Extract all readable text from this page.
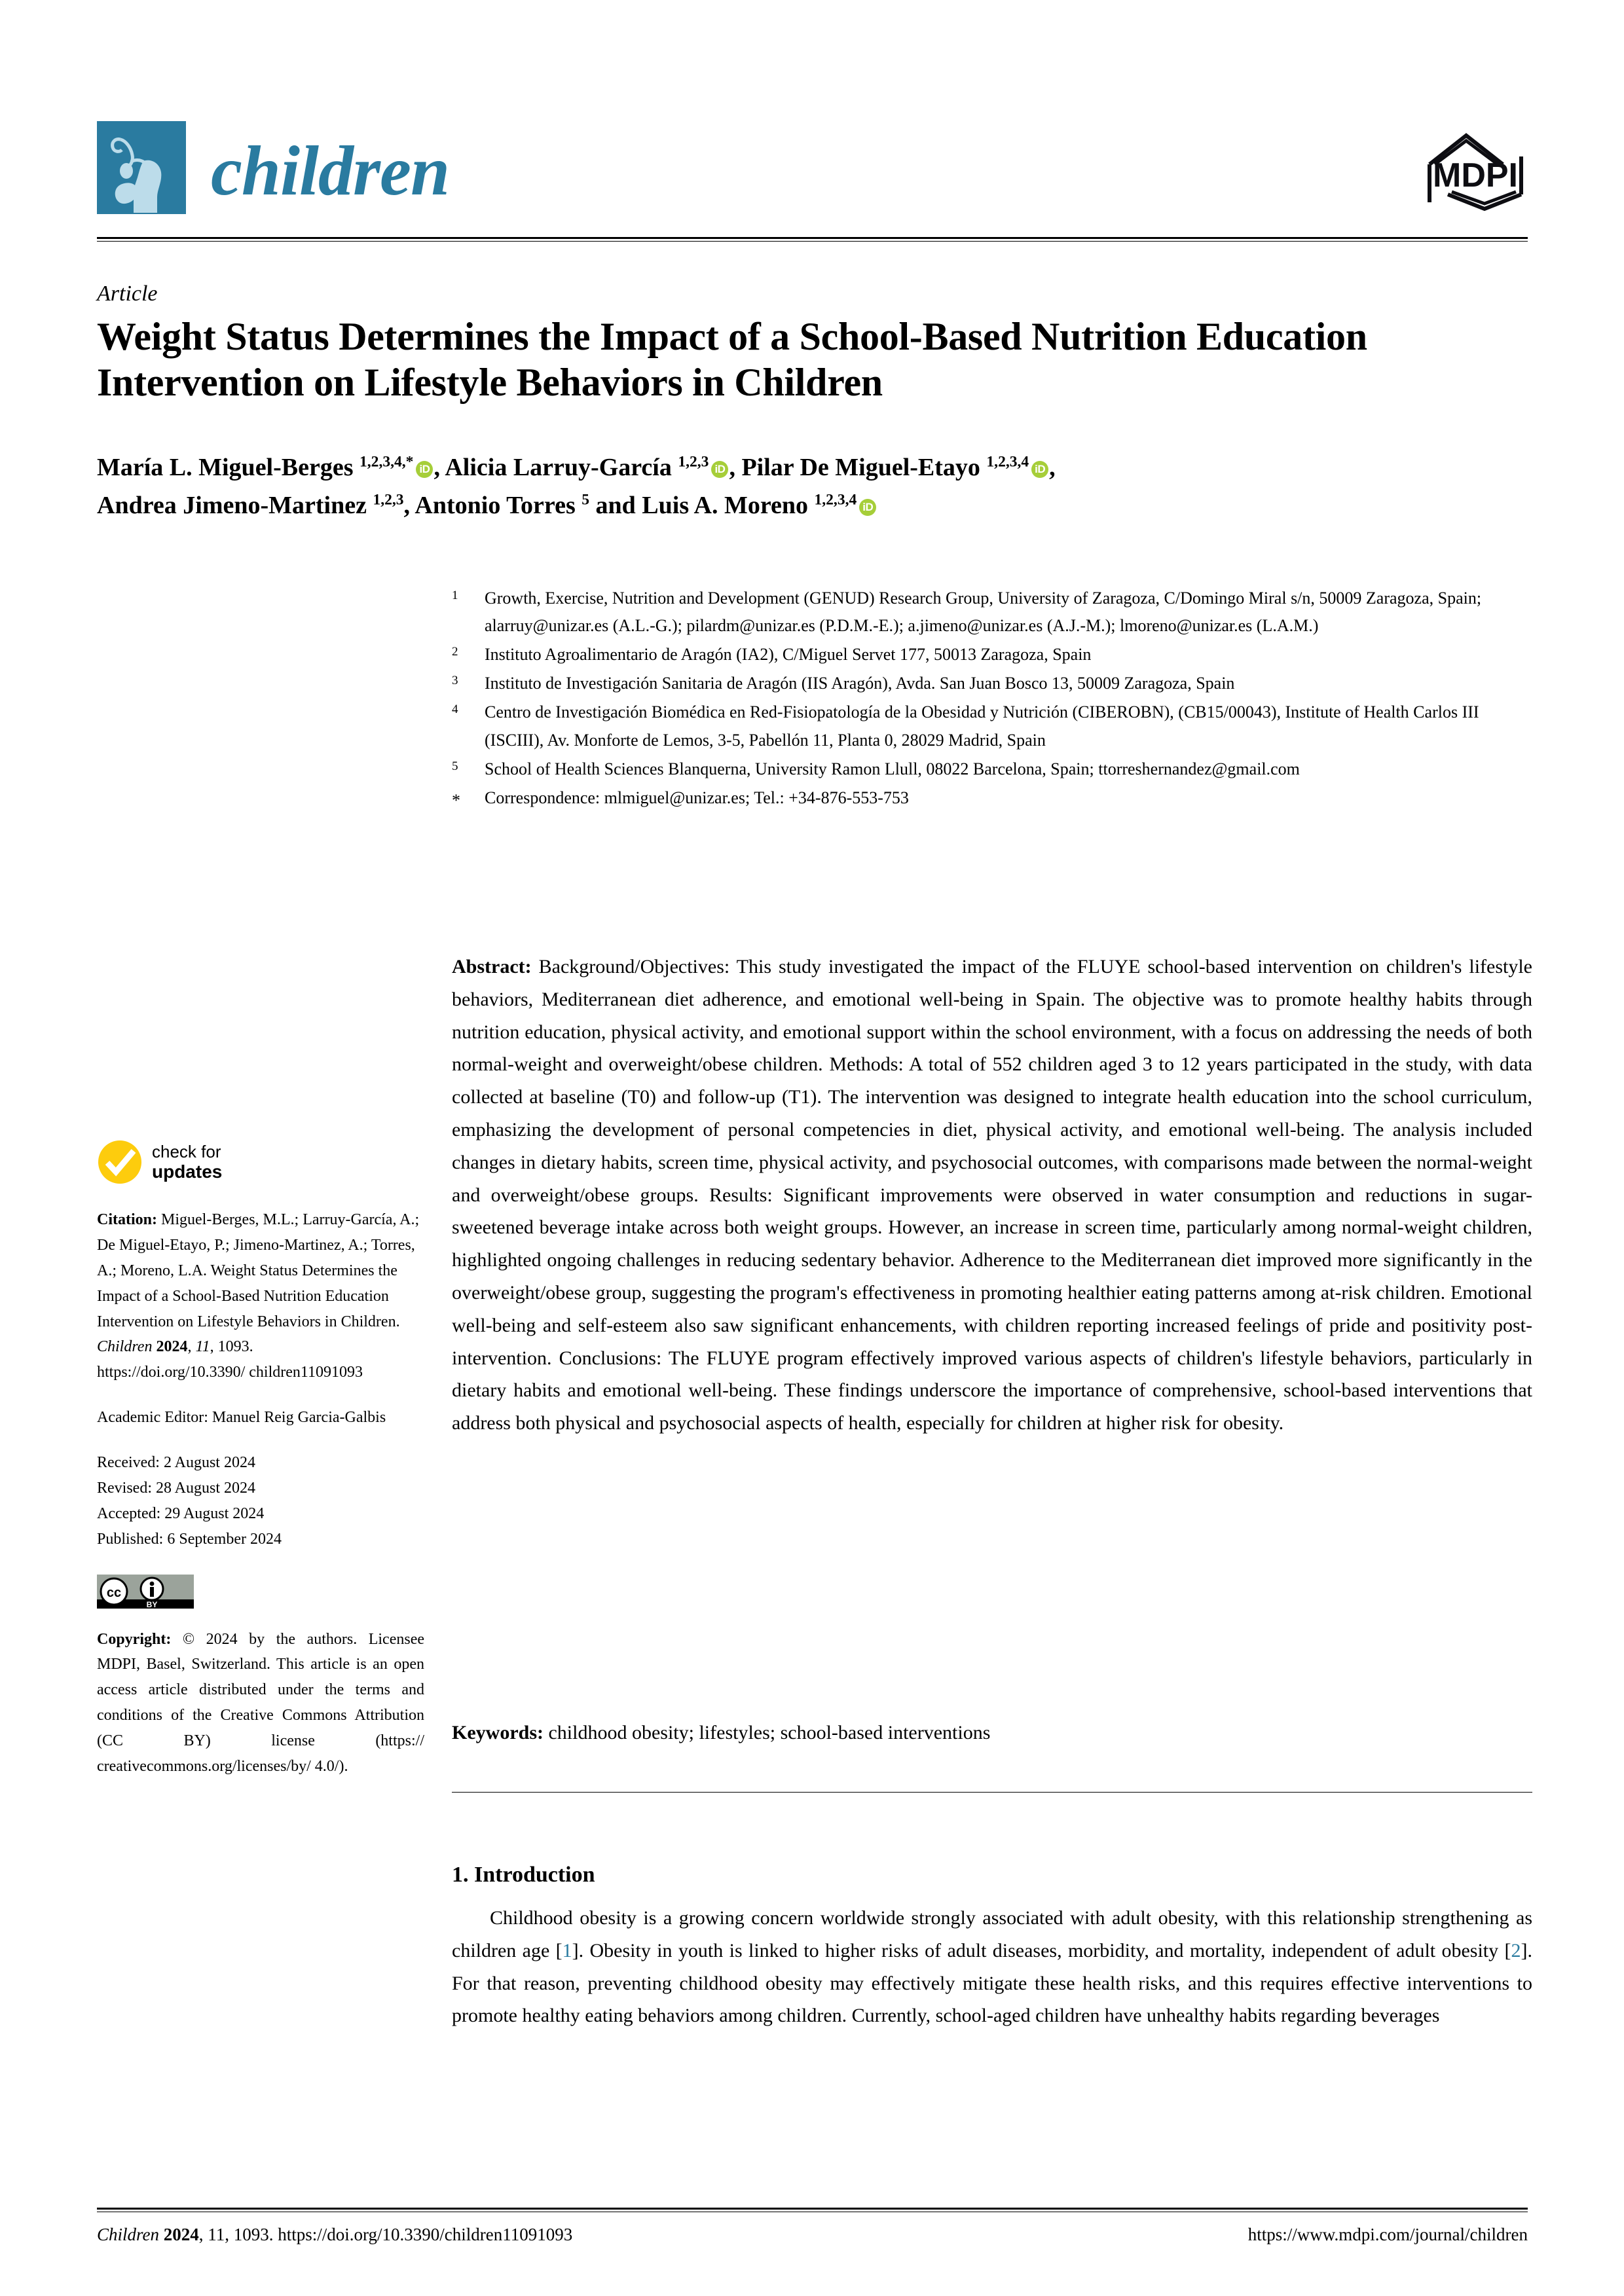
children	MDPI
Article
Weight Status Determines the Impact of a School-Based Nutrition Education Intervention on Lifestyle Behaviors in Children
María L. Miguel-Berges $^{1,2,3,4,*}$ iD , Alicia Larruy-García $^{1,2,3}$ iD , Pilar De Miguel-Etayo $^{1,2,3,4}$ iD ,
Andrea Jimeno-Martinez $^{1,2,3}$, Antonio Torres $^5$ and Luis A. Moreno $^{1,2,3,4}$ iD
1	Growth, Exercise, Nutrition and Development (GENUD) Research Group, University of Zaragoza, C/Domingo Miral s/n, 50009 Zaragoza, Spain; alarruy@unizar.es (A.L.-G.); pilardm@unizar.es (P.D.M.-E.); a.jimeno@unizar.es (A.J.-M.); lmoreno@unizar.es (L.A.M.)
2	Instituto Agroalimentario de Aragón (IA2), C/Miguel Servet 177, 50013 Zaragoza, Spain
3	Instituto de Investigación Sanitaria de Aragón (IIS Aragón), Avda. San Juan Bosco 13, 50009 Zaragoza, Spain
4	Centro de Investigación Biomédica en Red-Fisiopatología de la Obesidad y Nutrición (CIBEROBN), (CB15/00043), Institute of Health Carlos III (ISCIII), Av. Monforte de Lemos, 3-5, Pabellón 11, Planta 0, 28029 Madrid, Spain
5	School of Health Sciences Blanquerna, University Ramon Llull, 08022 Barcelona, Spain; ttorreshernandez@gmail.com
*	Correspondence: mlmiguel@unizar.es; Tel.: +34-876-553-753
Abstract: Background/Objectives: This study investigated the impact of the FLUYE school-based intervention on children's lifestyle behaviors, Mediterranean diet adherence, and emotional well-being in Spain. The objective was to promote healthy habits through nutrition education, physical activity, and emotional support within the school environment, with a focus on addressing the needs of both normal-weight and overweight/obese children. Methods: A total of 552 children aged 3 to 12 years participated in the study, with data collected at baseline (T0) and follow-up (T1). The intervention was designed to integrate health education into the school curriculum, emphasizing the development of personal competencies in diet, physical activity, and emotional well-being. The analysis included changes in dietary habits, screen time, physical activity, and psychosocial outcomes, with comparisons made between the normal-weight and overweight/obese groups. Results: Significant improvements were observed in water consumption and reductions in sugar-sweetened beverage intake across both weight groups. However, an increase in screen time, particularly among normal-weight children, highlighted ongoing challenges in reducing sedentary behavior. Adherence to the Mediterranean diet improved more significantly in the overweight/obese group, suggesting the program's effectiveness in promoting healthier eating patterns among at-risk children. Emotional well-being and self-esteem also saw significant enhancements, with children reporting increased feelings of pride and positivity post-intervention. Conclusions: The FLUYE program effectively improved various aspects of children's lifestyle behaviors, particularly in dietary habits and emotional well-being. These findings underscore the importance of comprehensive, school-based interventions that address both physical and psychosocial aspects of health, especially for children at higher risk for obesity.
Keywords: childhood obesity; lifestyles; school-based interventions
1. Introduction
Childhood obesity is a growing concern worldwide strongly associated with adult obesity, with this relationship strengthening as children age [1]. Obesity in youth is linked to higher risks of adult diseases, morbidity, and mortality, independent of adult obesity [2]. For that reason, preventing childhood obesity may effectively mitigate these health risks, and this requires effective interventions to promote healthy eating behaviors among children. Currently, school-aged children have unhealthy habits regarding beverages
check for
updates
Citation: Miguel-Berges, M.L.; Larruy-García, A.; De Miguel-Etayo, P.; Jimeno-Martinez, A.; Torres, A.; Moreno, L.A. Weight Status Determines the Impact of a School-Based Nutrition Education Intervention on Lifestyle Behaviors in Children. Children 2024, 11, 1093.
https://doi.org/10.3390/ children11091093
Academic Editor: Manuel Reig Garcia-Galbis
Received: 2 August 2024
Revised: 28 August 2024
Accepted: 29 August 2024
Published: 6 September 2024
cc
BY
Copyright: © 2024 by the authors. Licensee MDPI, Basel, Switzerland. This article is an open access article distributed under the terms and conditions of the Creative Commons Attribution (CC BY) license (https:// creativecommons.org/licenses/by/ 4.0/).
Children 2024, 11, 1093. https://doi.org/10.3390/children11091093	https://www.mdpi.com/journal/children
